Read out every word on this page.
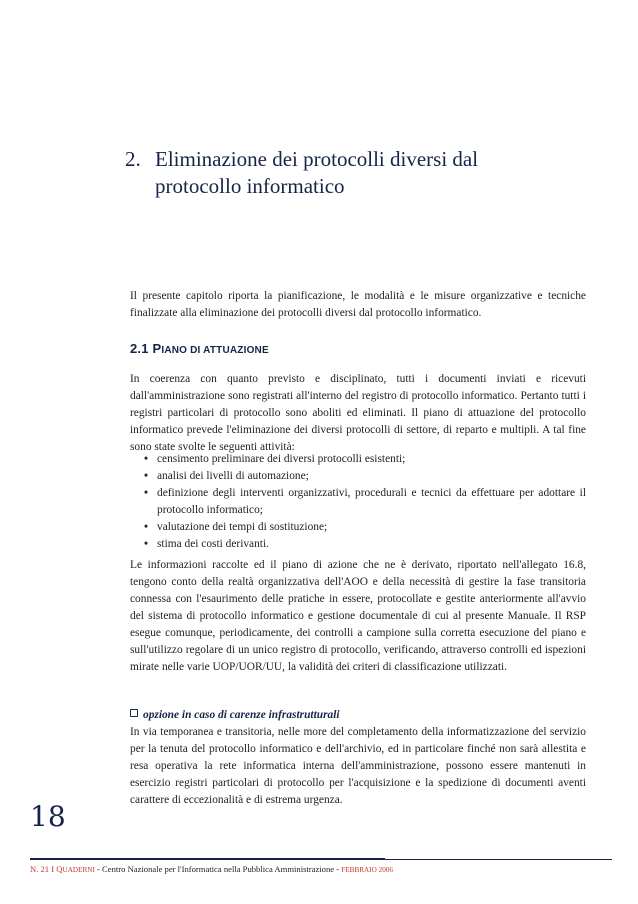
2. Eliminazione dei protocolli diversi dal
protocollo informatico
Il presente capitolo riporta la pianificazione, le modalità e le misure organizzative e tecniche finalizzate alla eliminazione dei protocolli diversi dal protocollo informatico.
2.1 PIANO DI ATTUAZIONE
In coerenza con quanto previsto e disciplinato, tutti i documenti inviati e ricevuti dall'amministrazione sono registrati all'interno del registro di protocollo informatico. Pertanto tutti i registri particolari di protocollo sono aboliti ed eliminati. Il piano di attuazione del protocollo informatico prevede l'eliminazione dei diversi protocolli di settore, di reparto e multipli. A tal fine sono state svolte le seguenti attività:
• censimento preliminare dei diversi protocolli esistenti;
• analisi dei livelli di automazione;
• definizione degli interventi organizzativi, procedurali e tecnici da effettuare per adottare il protocollo informatico;
• valutazione dei tempi di sostituzione;
• stima dei costi derivanti.
Le informazioni raccolte ed il piano di azione che ne è derivato, riportato nell'allegato 16.8, tengono conto della realtà organizzativa dell'AOO e della necessità di gestire la fase transitoria connessa con l'esaurimento delle pratiche in essere, protocollate e gestite anteriormente all'avvio del sistema di protocollo informatico e gestione documentale di cui al presente Manuale. Il RSP esegue comunque, periodicamente, dei controlli a campione sulla corretta esecuzione del piano e sull'utilizzo regolare di un unico registro di protocollo, verificando, attraverso controlli ed ispezioni mirate nelle varie UOP/UOR/UU, la validità dei criteri di classificazione utilizzati.
opzione in caso di carenze infrastrutturali
In via temporanea e transitoria, nelle more del completamento della informatizzazione del servizio per la tenuta del protocollo informatico e dell'archivio, ed in particolare finché non sarà allestita e resa operativa la rete informatica interna dell'amministrazione, possono essere mantenuti in esercizio registri particolari di protocollo per l'acquisizione e la spedizione di documenti aventi carattere di eccezionalità e di estrema urgenza.
18
N. 21 I QUADERNI - Centro Nazionale per l'Informatica nella Pubblica Amministrazione - FEBBRAIO 2006
